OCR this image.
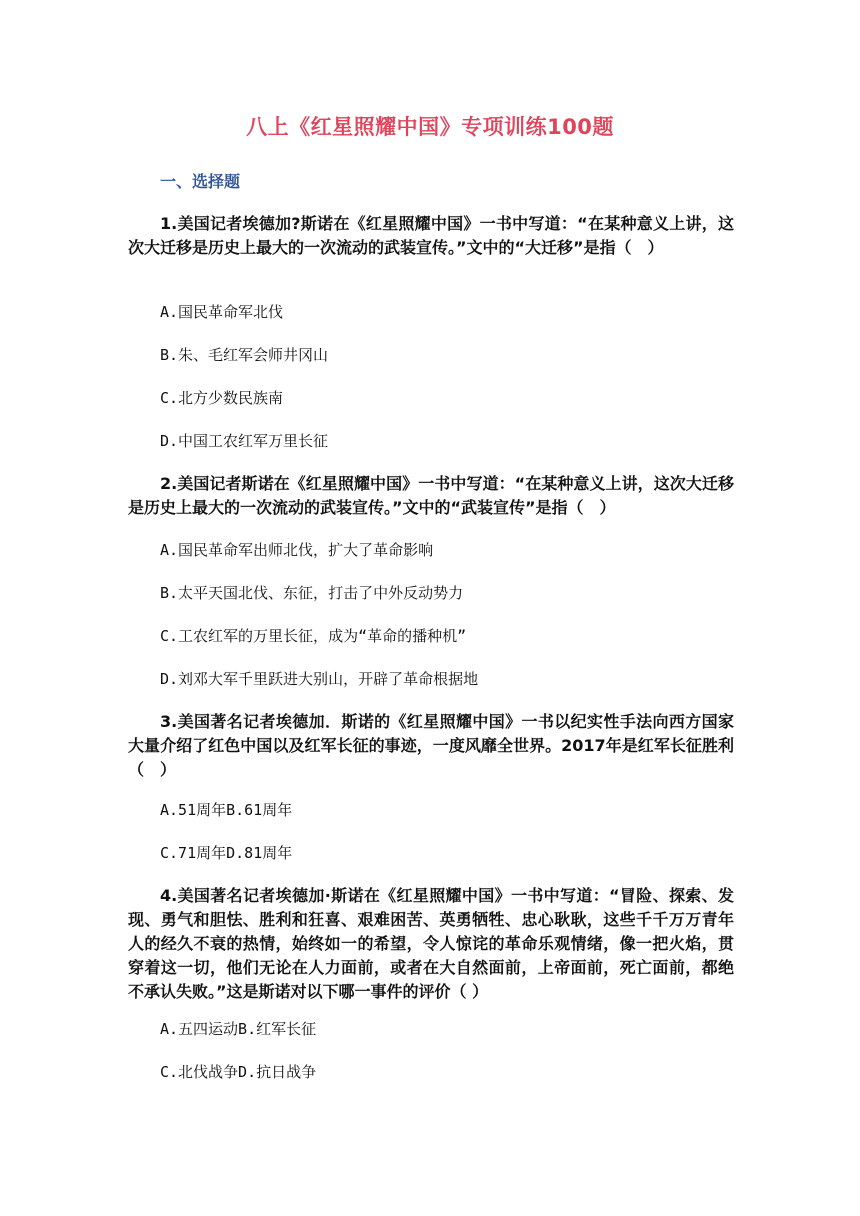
八上《红星照耀中国》专项训练100题
一、选择题

1.美国记者埃德加?斯诺在《红星照耀中国》一书中写道：“在某种意义上讲，这次大迁移是历史上最大的一次流动的武装宣传。”文中的“大迁移”是指（　）

A.国民革命军北伐
B.朱、毛红军会师井冈山
C.北方少数民族南
D.中国工农红军万里长征

2.美国记者斯诺在《红星照耀中国》一书中写道：“在某种意义上讲，这次大迁移是历史上最大的一次流动的武装宣传。”文中的“武装宣传”是指（　）

A.国民革命军出师北伐，扩大了革命影响
B.太平天国北伐、东征，打击了中外反动势力
C.工农红军的万里长征，成为“革命的播种机”
D.刘邓大军千里跃进大别山，开辟了革命根据地

3.美国著名记者埃德加．斯诺的《红星照耀中国》一书以纪实性手法向西方国家大量介绍了红色中国以及红军长征的事迹，一度风靡全世界。2017年是红军长征胜利（　）

A.51周年B.61周年
C.71周年D.81周年

4.美国著名记者埃德加·斯诺在《红星照耀中国》一书中写道：“冒险、探索、发现、勇气和胆怯、胜利和狂喜、艰难困苦、英勇牺牲、忠心耿耿，这些千千万万青年人的经久不衰的热情，始终如一的希望，令人惊诧的革命乐观情绪，像一把火焰，贯穿着这一切，他们无论在人力面前，或者在大自然面前，上帝面前，死亡面前，都绝不承认失败。”这是斯诺对以下哪一事件的评价（ ）

A.五四运动B.红军长征
C.北伐战争D.抗日战争
